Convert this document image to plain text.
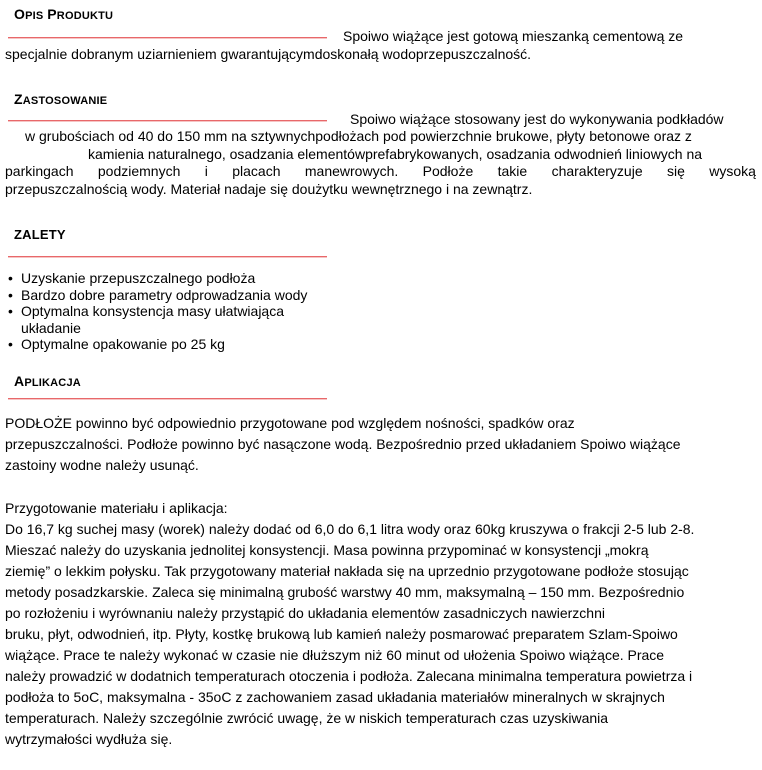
OPIS PRODUKTU
Spoiwo wiążące jest gotową mieszanką cementową ze
specjalnie dobranym uziarnieniem gwarantującymdoskonałą wodoprzepuszczalność.
ZASTOSOWANIE
Spoiwo wiążące stosowany jest do wykonywania podkładów
w grubościach od 40 do 150 mm na sztywnychpodłożach pod powierzchnie brukowe, płyty betonowe oraz z
kamienia naturalnego, osadzania elementówprefabrykowanych, osadzania odwodnień liniowych na
parkingach podziemnych i placach manewrowych. Podłoże takie charakteryzuje się wysoką
przepuszczalnością wody. Materiał nadaje się doużytku wewnętrznego i na zewnątrz.
ZALETY
• Uzyskanie przepuszczalnego podłoża
• Bardzo dobre parametry odprowadzania wody
• Optymalna konsystencja masy ułatwiająca
układanie
• Optymalne opakowanie po 25 kg
APLIKACJA
PODŁOŻE powinno być odpowiednio przygotowane pod względem nośności, spadków oraz
przepuszczalności. Podłoże powinno być nasączone wodą. Bezpośrednio przed układaniem Spoiwo wiążące
zastoiny wodne należy usunąć.
Przygotowanie materiału i aplikacja:
Do 16,7 kg suchej masy (worek) należy dodać od 6,0 do 6,1 litra wody oraz 60kg kruszywa o frakcji 2-5 lub 2-8.
Mieszać należy do uzyskania jednolitej konsystencji. Masa powinna przypominać w konsystencji „mokrą
ziemię” o lekkim połysku. Tak przygotowany materiał nakłada się na uprzednio przygotowane podłoże stosując
metody posadzkarskie. Zaleca się minimalną grubość warstwy 40 mm, maksymalną – 150 mm. Bezpośrednio
po rozłożeniu i wyrównaniu należy przystąpić do układania elementów zasadniczych nawierzchni
bruku, płyt, odwodnień, itp. Płyty, kostkę brukową lub kamień należy posmarować preparatem Szlam-Spoiwo
wiążące. Prace te należy wykonać w czasie nie dłuższym niż 60 minut od ułożenia Spoiwo wiążące. Prace
należy prowadzić w dodatnich temperaturach otoczenia i podłoża. Zalecana minimalna temperatura powietrza i
podłoża to 5oC, maksymalna - 35oC z zachowaniem zasad układania materiałów mineralnych w skrajnych
temperaturach. Należy szczególnie zwrócić uwagę, że w niskich temperaturach czas uzyskiwania
wytrzymałości wydłuża się.
